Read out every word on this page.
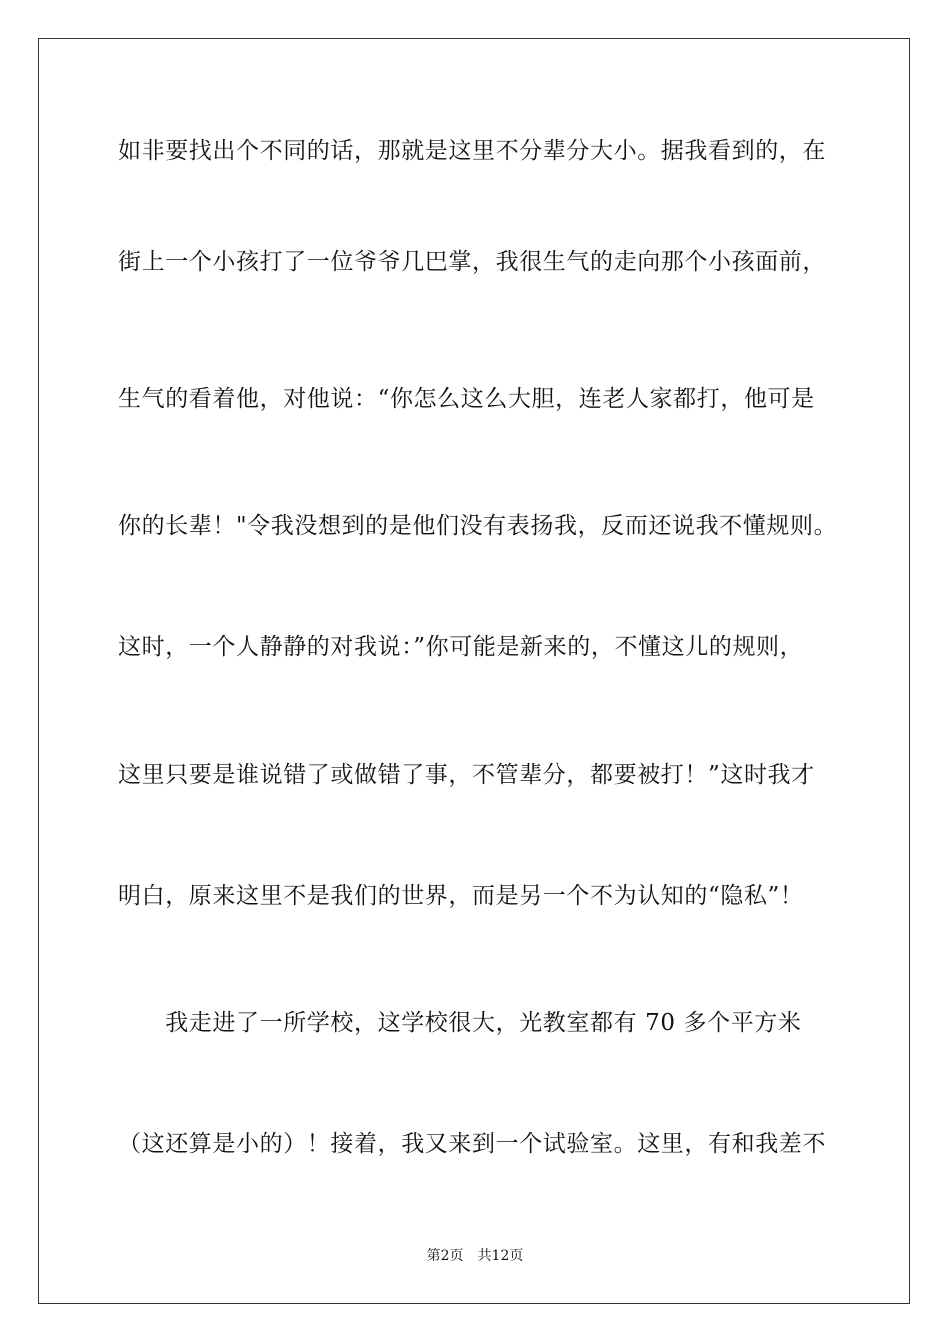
如非要找出个不同的话，那就是这里不分辈分大小。据我看到的，在
街上一个小孩打了一位爷爷几巴掌，我很生气的走向那个小孩面前，
生气的看着他，对他说：“你怎么这么大胆，连老人家都打，他可是
你的长辈！"令我没想到的是他们没有表扬我，反而还说我不懂规则。
这时，一个人静静的对我说：”你可能是新来的，不懂这儿的规则，
这里只要是谁说错了或做错了事，不管辈分，都要被打！”这时我才
明白，原来这里不是我们的世界，而是另一个不为认知的“隐私”！
　　我走进了一所学校，这学校很大，光教室都有 70 多个平方米
（这还算是小的）！接着，我又来到一个试验室。这里，有和我差不
第2页　共12页
